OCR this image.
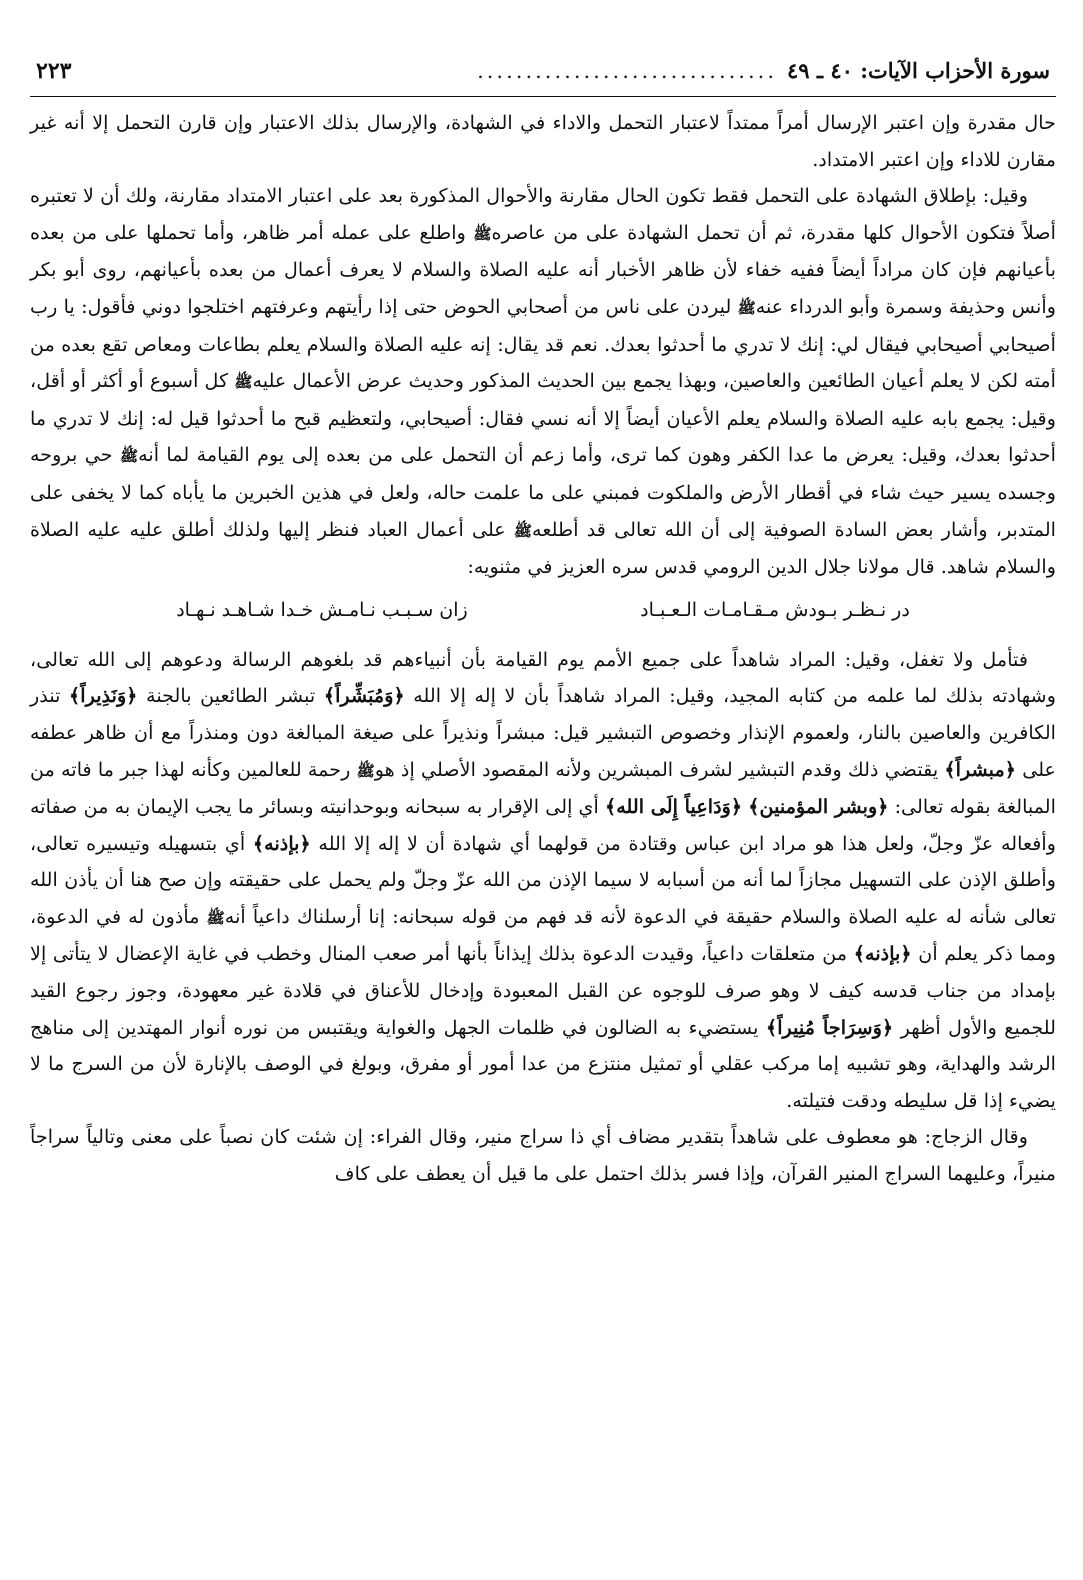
سورة الأحزاب الآيات: ٤٠ ـ ٤٩
...............................
٢٢٣

حال مقدرة وإن اعتبر الإرسال أمراً ممتداً لاعتبار التحمل والاداء في الشهادة، والإرسال بذلك الاعتبار وإن قارن التحمل إلا أنه غير مقارن للاداء وإن اعتبر الامتداد.

وقيل: بإطلاق الشهادة على التحمل فقط تكون الحال مقارنة والأحوال المذكورة بعد على اعتبار الامتداد مقارنة، ولك أن لا تعتبره أصلاً فتكون الأحوال كلها مقدرة، ثم أن تحمل الشهادة على من عاصرهﷺ واطلع على عمله أمر ظاهر، وأما تحملها على من بعده بأعيانهم فإن كان مراداً أيضاً ففيه خفاء لأن ظاهر الأخبار أنه عليه الصلاة والسلام لا يعرف أعمال من بعده بأعيانهم، روى أبو بكر وأنس وحذيفة وسمرة وأبو الدرداء عنهﷺ ليردن على ناس من أصحابي الحوض حتى إذا رأيتهم وعرفتهم اختلجوا دوني فأقول: يا رب أصيحابي أصيحابي فيقال لي: إنك لا تدري ما أحدثوا بعدك. نعم قد يقال: إنه عليه الصلاة والسلام يعلم بطاعات ومعاص تقع بعده من أمته لكن لا يعلم أعيان الطائعين والعاصين، وبهذا يجمع بين الحديث المذكور وحديث عرض الأعمال عليهﷺ كل أسبوع أو أكثر أو أقل، وقيل: يجمع بابه عليه الصلاة والسلام يعلم الأعيان أيضاً إلا أنه نسي فقال: أصيحابي، ولتعظيم قبح ما أحدثوا قيل له: إنك لا تدري ما أحدثوا بعدك، وقيل: يعرض ما عدا الكفر وهون كما ترى، وأما زعم أن التحمل على من بعده إلى يوم القيامة لما أنهﷺ حي بروحه وجسده يسير حيث شاء في أقطار الأرض والملكوت فمبني على ما علمت حاله، ولعل في هذين الخبرين ما يأباه كما لا يخفى على المتدبر، وأشار بعض السادة الصوفية إلى أن الله تعالى قد أطلعهﷺ على أعمال العباد فنظر إليها ولذلك أطلق عليه عليه الصلاة والسلام شاهد. قال مولانا جلال الدين الرومي قدس سره العزيز في مثنويه:

در نـظـر بـودش مـقـامـات الـعـبـاد
زان سـبـب نـامـش خـدا شـاهـد نـهـاد

فتأمل ولا تغفل، وقيل: المراد شاهداً على جميع الأمم يوم القيامة بأن أنبياءهم قد بلغوهم الرسالة ودعوهم إلى الله تعالى، وشهادته بذلك لما علمه من كتابه المجيد، وقيل: المراد شاهداً بأن لا إله إلا الله ﴿وَمُبَشِّراً﴾ تبشر الطائعين بالجنة ﴿وَنَذِيراً﴾ تنذر الكافرين والعاصين بالنار، ولعموم الإنذار وخصوص التبشير قيل: مبشراً ونذيراً على صيغة المبالغة دون ومنذراً مع أن ظاهر عطفه على ﴿مبشراً﴾ يقتضي ذلك وقدم التبشير لشرف المبشرين ولأنه المقصود الأصلي إذ هوﷺ رحمة للعالمين وكأنه لهذا جبر ما فاته من المبالغة بقوله تعالى: ﴿وبشر المؤمنين﴾ ﴿وَدَاعِياً إِلَى الله﴾ أي إلى الإقرار به سبحانه وبوحدانيته وبسائر ما يجب الإيمان به من صفاته وأفعاله عزّ وجلّ، ولعل هذا هو مراد ابن عباس وقتادة من قولهما أي شهادة أن لا إله إلا الله ﴿بإذنه﴾ أي بتسهيله وتيسيره تعالى، وأطلق الإذن على التسهيل مجازاً لما أنه من أسبابه لا سيما الإذن من الله عزّ وجلّ ولم يحمل على حقيقته وإن صح هنا أن يأذن الله تعالى شأنه له عليه الصلاة والسلام حقيقة في الدعوة لأنه قد فهم من قوله سبحانه: إنا أرسلناك داعياً أنهﷺ مأذون له في الدعوة، ومما ذكر يعلم أن ﴿بإذنه﴾ من متعلقات داعياً، وقيدت الدعوة بذلك إيذاناً بأنها أمر صعب المنال وخطب في غاية الإعضال لا يتأتى إلا بإمداد من جناب قدسه كيف لا وهو صرف للوجوه عن القبل المعبودة وإدخال للأعناق في قلادة غير معهودة، وجوز رجوع القيد للجميع والأول أظهر ﴿وَسِرَاجاً مُنِيراً﴾ يستضيء به الضالون في ظلمات الجهل والغواية ويقتبس من نوره أنوار المهتدين إلى مناهج الرشد والهداية، وهو تشبيه إما مركب عقلي أو تمثيل منتزع من عدا أمور أو مفرق، وبولغ في الوصف بالإنارة لأن من السرج ما لا يضيء إذا قل سليطه ودقت فتيلته.

وقال الزجاج: هو معطوف على شاهداً بتقدير مضاف أي ذا سراج منير، وقال الفراء: إن شئت كان نصباً على معنى وتالياً سراجاً منيراً، وعليهما السراج المنير القرآن، وإذا فسر بذلك احتمل على ما قيل أن يعطف على كاف
